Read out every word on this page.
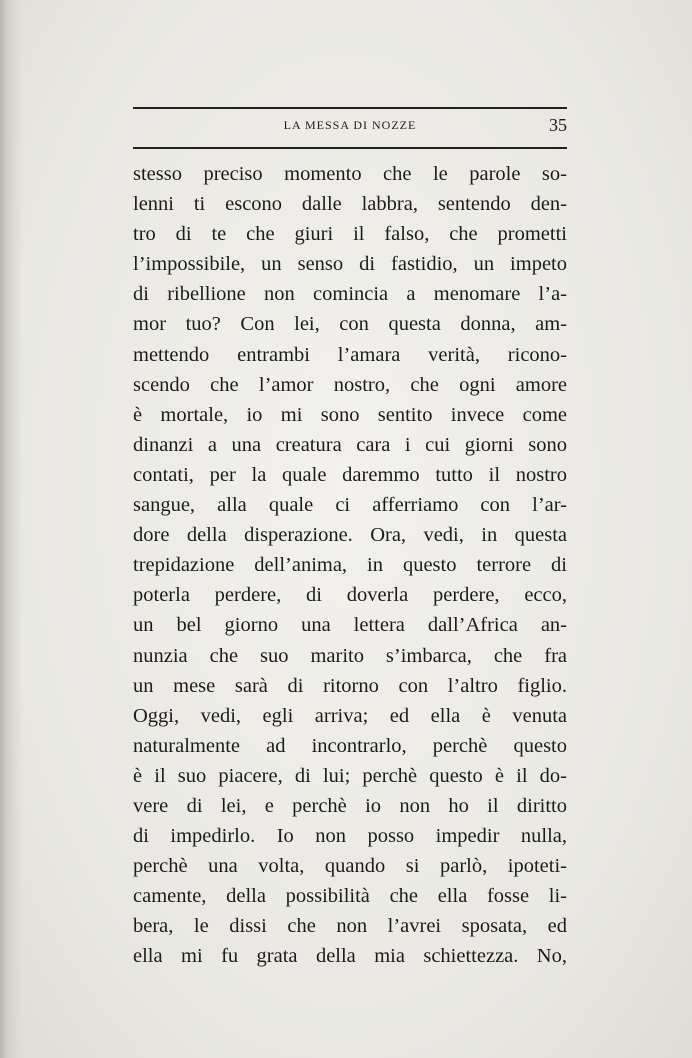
LA MESSA DI NOZZE	35
stesso preciso momento che le parole so-
lenni ti escono dalle labbra, sentendo den-
tro di te che giuri il falso, che prometti
l’impossibile, un senso di fastidio, un impeto
di ribellione non comincia a menomare l’a-
mor tuo? Con lei, con questa donna, am-
mettendo entrambi l’amara verità, ricono-
scendo che l’amor nostro, che ogni amore
è mortale, io mi sono sentito invece come
dinanzi a una creatura cara i cui giorni sono
contati, per la quale daremmo tutto il nostro
sangue, alla quale ci afferriamo con l’ar-
dore della disperazione. Ora, vedi, in questa
trepidazione dell’anima, in questo terrore di
poterla perdere, di doverla perdere, ecco,
un bel giorno una lettera dall’Africa an-
nunzia che suo marito s’imbarca, che fra
un mese sarà di ritorno con l’altro figlio.
Oggi, vedi, egli arriva; ed ella è venuta
naturalmente ad incontrarlo, perchè questo
è il suo piacere, di lui; perchè questo è il do-
vere di lei, e perchè io non ho il diritto
di impedirlo. Io non posso impedir nulla,
perchè una volta, quando si parlò, ipoteti-
camente, della possibilità che ella fosse li-
bera, le dissi che non l’avrei sposata, ed
ella mi fu grata della mia schiettezza. No,
